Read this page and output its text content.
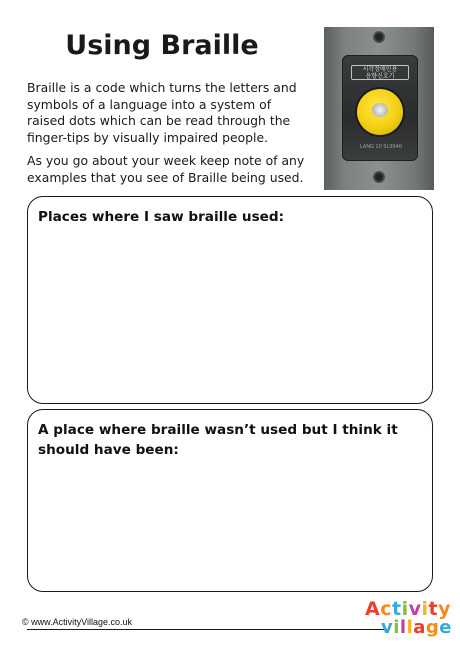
Using Braille

Braille is a code which turns the letters and symbols of a language into a system of raised dots which can be read through the finger-tips by visually impaired people.

As you go about your week keep note of any examples that you see of Braille being used.

시각장애인용
음향신호기
LANG 10 SL9940
Places where I saw braille used:
A place where braille wasn’t used but I think it should have been:
© www.ActivityVillage.co.uk
Activity
village
